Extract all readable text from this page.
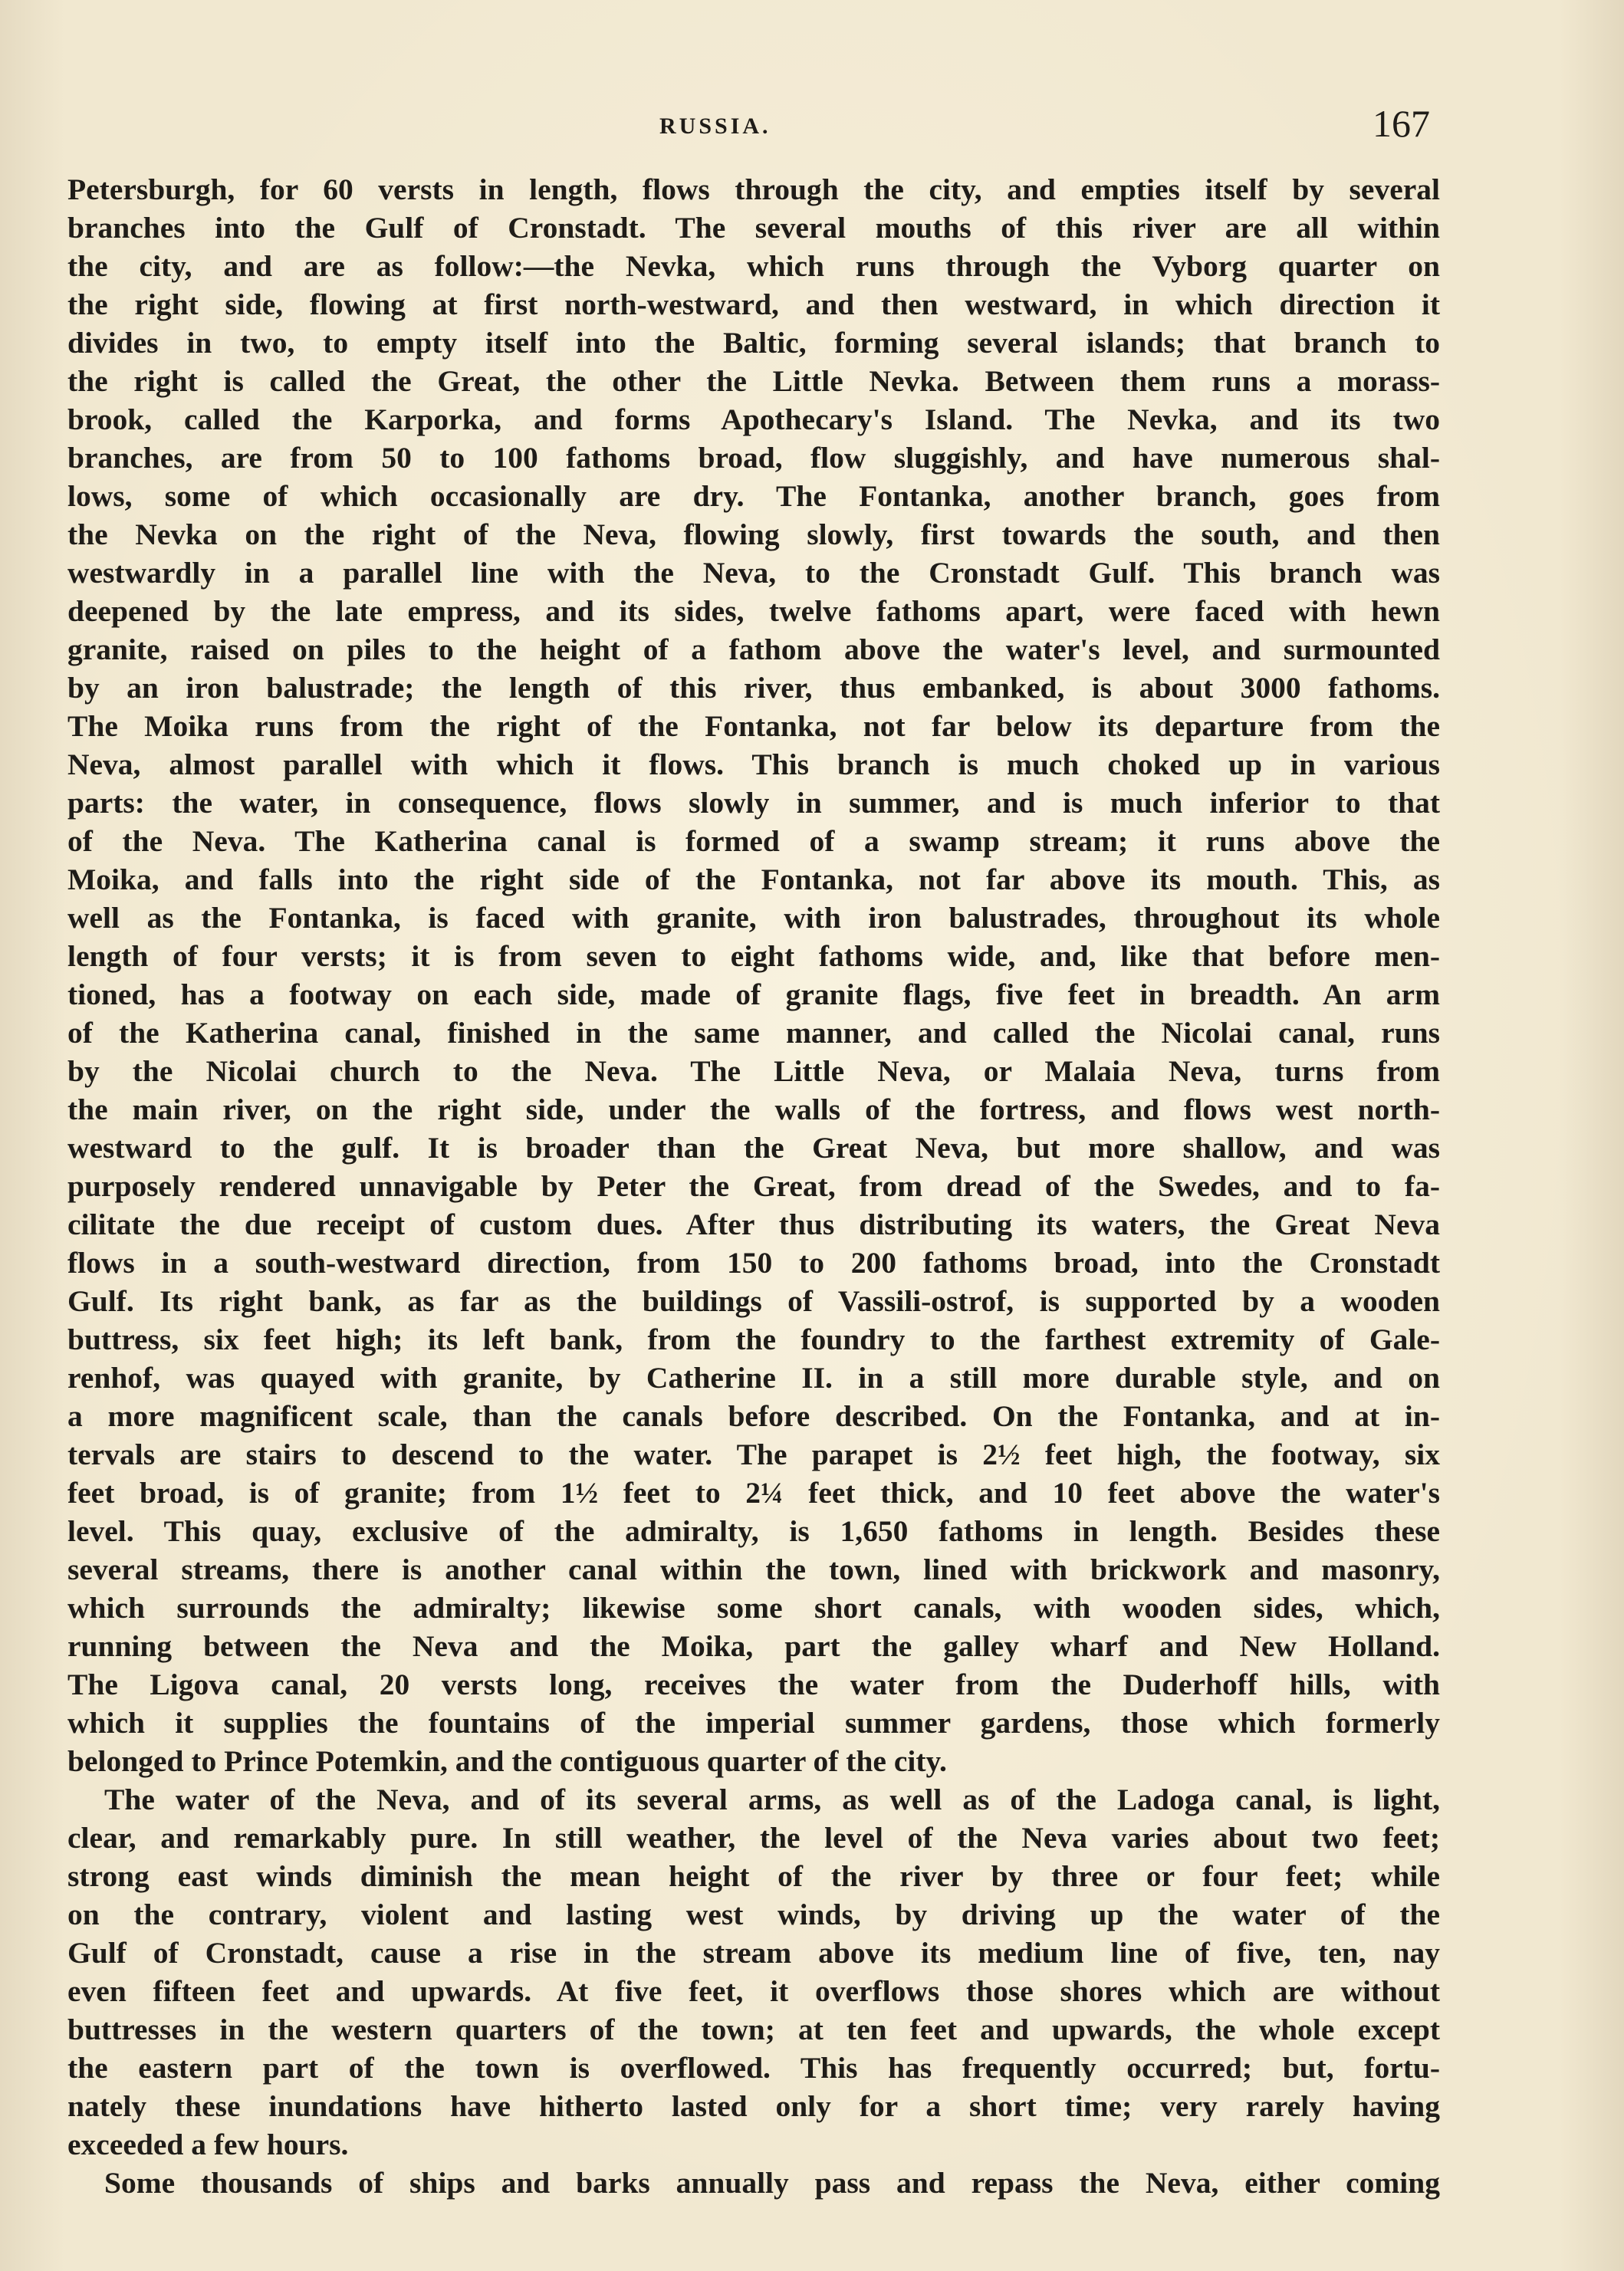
RUSSIA.	167
Petersburgh, for 60 versts in length, flows through the city, and empties itself by several
branches into the Gulf of Cronstadt. The several mouths of this river are all within
the city, and are as follow:—the Nevka, which runs through the Vyborg quarter on
the right side, flowing at first north-westward, and then westward, in which direction it
divides in two, to empty itself into the Baltic, forming several islands; that branch to
the right is called the Great, the other the Little Nevka. Between them runs a morass-
brook, called the Karporka, and forms Apothecary's Island. The Nevka, and its two
branches, are from 50 to 100 fathoms broad, flow sluggishly, and have numerous shal-
lows, some of which occasionally are dry. The Fontanka, another branch, goes from
the Nevka on the right of the Neva, flowing slowly, first towards the south, and then
westwardly in a parallel line with the Neva, to the Cronstadt Gulf. This branch was
deepened by the late empress, and its sides, twelve fathoms apart, were faced with hewn
granite, raised on piles to the height of a fathom above the water's level, and surmounted
by an iron balustrade; the length of this river, thus embanked, is about 3000 fathoms.
The Moika runs from the right of the Fontanka, not far below its departure from the
Neva, almost parallel with which it flows. This branch is much choked up in various
parts: the water, in consequence, flows slowly in summer, and is much inferior to that
of the Neva. The Katherina canal is formed of a swamp stream; it runs above the
Moika, and falls into the right side of the Fontanka, not far above its mouth. This, as
well as the Fontanka, is faced with granite, with iron balustrades, throughout its whole
length of four versts; it is from seven to eight fathoms wide, and, like that before men-
tioned, has a footway on each side, made of granite flags, five feet in breadth. An arm
of the Katherina canal, finished in the same manner, and called the Nicolai canal, runs
by the Nicolai church to the Neva. The Little Neva, or Malaia Neva, turns from
the main river, on the right side, under the walls of the fortress, and flows west north-
westward to the gulf. It is broader than the Great Neva, but more shallow, and was
purposely rendered unnavigable by Peter the Great, from dread of the Swedes, and to fa-
cilitate the due receipt of custom dues. After thus distributing its waters, the Great Neva
flows in a south-westward direction, from 150 to 200 fathoms broad, into the Cronstadt
Gulf. Its right bank, as far as the buildings of Vassili-ostrof, is supported by a wooden
buttress, six feet high; its left bank, from the foundry to the farthest extremity of Gale-
renhof, was quayed with granite, by Catherine II. in a still more durable style, and on
a more magnificent scale, than the canals before described. On the Fontanka, and at in-
tervals are stairs to descend to the water. The parapet is 2½ feet high, the footway, six
feet broad, is of granite; from 1½ feet to 2¼ feet thick, and 10 feet above the water's
level. This quay, exclusive of the admiralty, is 1,650 fathoms in length. Besides these
several streams, there is another canal within the town, lined with brickwork and masonry,
which surrounds the admiralty; likewise some short canals, with wooden sides, which,
running between the Neva and the Moika, part the galley wharf and New Holland.
The Ligova canal, 20 versts long, receives the water from the Duderhoff hills, with
which it supplies the fountains of the imperial summer gardens, those which formerly
belonged to Prince Potemkin, and the contiguous quarter of the city.
The water of the Neva, and of its several arms, as well as of the Ladoga canal, is light,
clear, and remarkably pure. In still weather, the level of the Neva varies about two feet;
strong east winds diminish the mean height of the river by three or four feet; while
on the contrary, violent and lasting west winds, by driving up the water of the
Gulf of Cronstadt, cause a rise in the stream above its medium line of five, ten, nay
even fifteen feet and upwards. At five feet, it overflows those shores which are without
buttresses in the western quarters of the town; at ten feet and upwards, the whole except
the eastern part of the town is overflowed. This has frequently occurred; but, fortu-
nately these inundations have hitherto lasted only for a short time; very rarely having
exceeded a few hours.
Some thousands of ships and barks annually pass and repass the Neva, either coming
